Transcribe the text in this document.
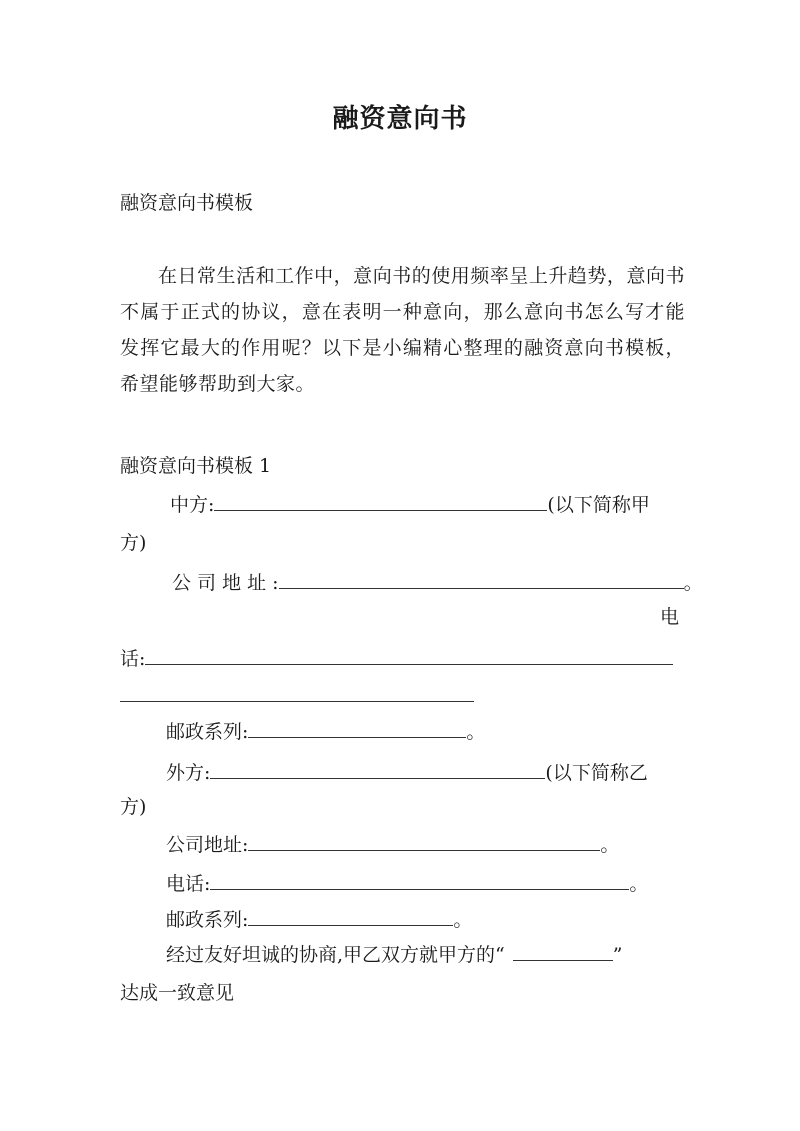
融资意向书
融资意向书模板
在日常生活和工作中，意向书的使用频率呈上升趋势，意向书不属于正式的协议，意在表明一种意向，那么意向书怎么写才能发挥它最大的作用呢？以下是小编精心整理的融资意向书模板，希望能够帮助到大家。
融资意向书模板 1
中方:	(以下简称甲
方)
公 司 地 址 :	。
电
话:
邮政系列:	。
外方:	(以下简称乙
方)
公司地址:	。
电话:	。
邮政系列:	。
经过友好坦诚的协商,甲乙双方就甲方的“	”
达成一致意见
